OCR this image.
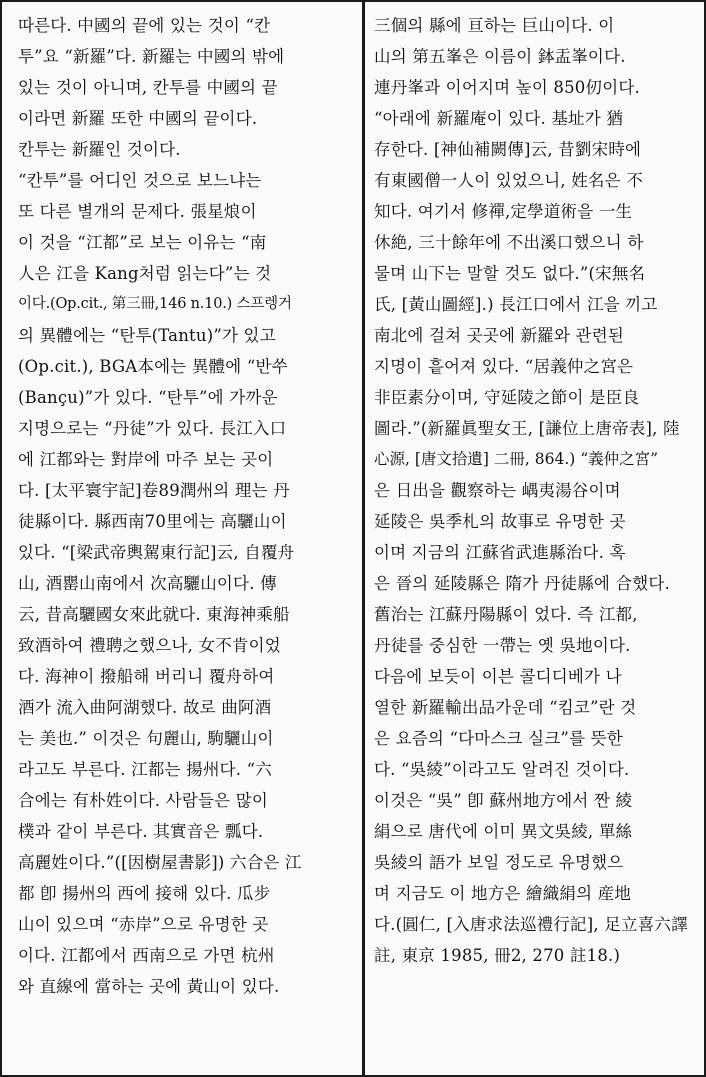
따른다. 中國의 끝에 있는 것이 “칸
투”요 “新羅”다. 新羅는 中國의 밖에
있는 것이 아니며, 칸투를 中國의 끝
이라면 新羅 또한 中國의 끝이다.
칸투는 新羅인 것이다.
“칸투”를 어디인 것으로 보느냐는
또 다른 별개의 문제다. 張星烺이
이 것을 “江都”로 보는 이유는 “南
人은 江을 Kang처럼 읽는다”는 것
이다.(Op.cit., 第三冊,146 n.10.) 스프렝거
의 異體에는 “탄투(Tantu)”가 있고
(Op.cit.), BGA本에는 異體에 “반쑤
(Bançu)”가 있다. “탄투”에 가까운
지명으로는 “丹徒”가 있다. 長江入口
에 江都와는 對岸에 마주 보는 곳이
다. [太平寰宇記]卷89潤州의 理는 丹
徒縣이다. 縣西南70里에는 高驪山이
있다. “[梁武帝輿駕東行記]云, 自覆舟
山, 酒罌山南에서 次高驪山이다. 傳
云, 昔高驪國女來此就다. 東海神乘船
致酒하여 禮聘之했으나, 女不肯이었
다. 海神이 撥船해 버리니 覆舟하여
酒가 流入曲阿湖했다. 故로 曲阿酒
는 美也.” 이것은 句麗山, 駒驪山이
라고도 부른다. 江都는 揚州다. “六
合에는 有朴姓이다. 사람들은 많이
樸과 같이 부른다. 其實音은 瓢다.
高麗姓이다.”([因樹屋書影]) 六合은 江
都 卽 揚州의 西에 接해 있다. 瓜步
山이 있으며 “赤岸”으로 유명한 곳
이다. 江都에서 西南으로 가면 杭州
와 直線에 當하는 곳에 黃山이 있다.
三個의 縣에 亘하는 巨山이다. 이
山의 第五峯은 이름이 鉢盂峯이다.
連丹峯과 이어지며 높이 850仞이다.
“아래에 新羅庵이 있다. 基址가 猶
存한다. [神仙補闕傳]云, 昔劉宋時에
有東國僧一人이 있었으니, 姓名은 不
知다. 여기서 修禪,定學道術을 一生
休絶, 三十餘年에 不出溪口했으니 하
물며 山下는 말할 것도 없다.”(宋無名
氏, [黃山圖經].) 長江口에서 江을 끼고
南北에 걸쳐 곳곳에 新羅와 관련된
지명이 흩어져 있다. “居義仲之宮은
非臣素分이며, 守延陵之節이 是臣良
圖라.”(新羅眞聖女王, [謙位上唐帝表], 陸
心源, [唐文拾遺] 二冊, 864.) “義仲之宮”
은 日出을 觀察하는 嵎夷湯谷이며
延陵은 吳季札의 故事로 유명한 곳
이며 지금의 江蘇省武進縣治다. 혹
은 晉의 延陵縣은 隋가 丹徒縣에 合했다.
舊治는 江蘇丹陽縣이 었다. 즉 江都,
丹徒를 중심한 一帶는 옛 吳地이다.
다음에 보듯이 이븐 콜디디베가 나
열한 新羅輸出品가운데 “킴코”란 것
은 요즘의 “다마스크 실크”를 뜻한
다. “吳綾”이라고도 알려진 것이다.
이것은 “吳” 卽 蘇州地方에서 짠 綾
絹으로 唐代에 이미 異文吳綾, 單絲
吳綾의 語가 보일 정도로 유명했으
며 지금도 이 地方은 繪織絹의 産地
다.(圓仁, [入唐求法巡禮行記], 足立喜六譯
註, 東京 1985, 冊2, 270 註18.)
